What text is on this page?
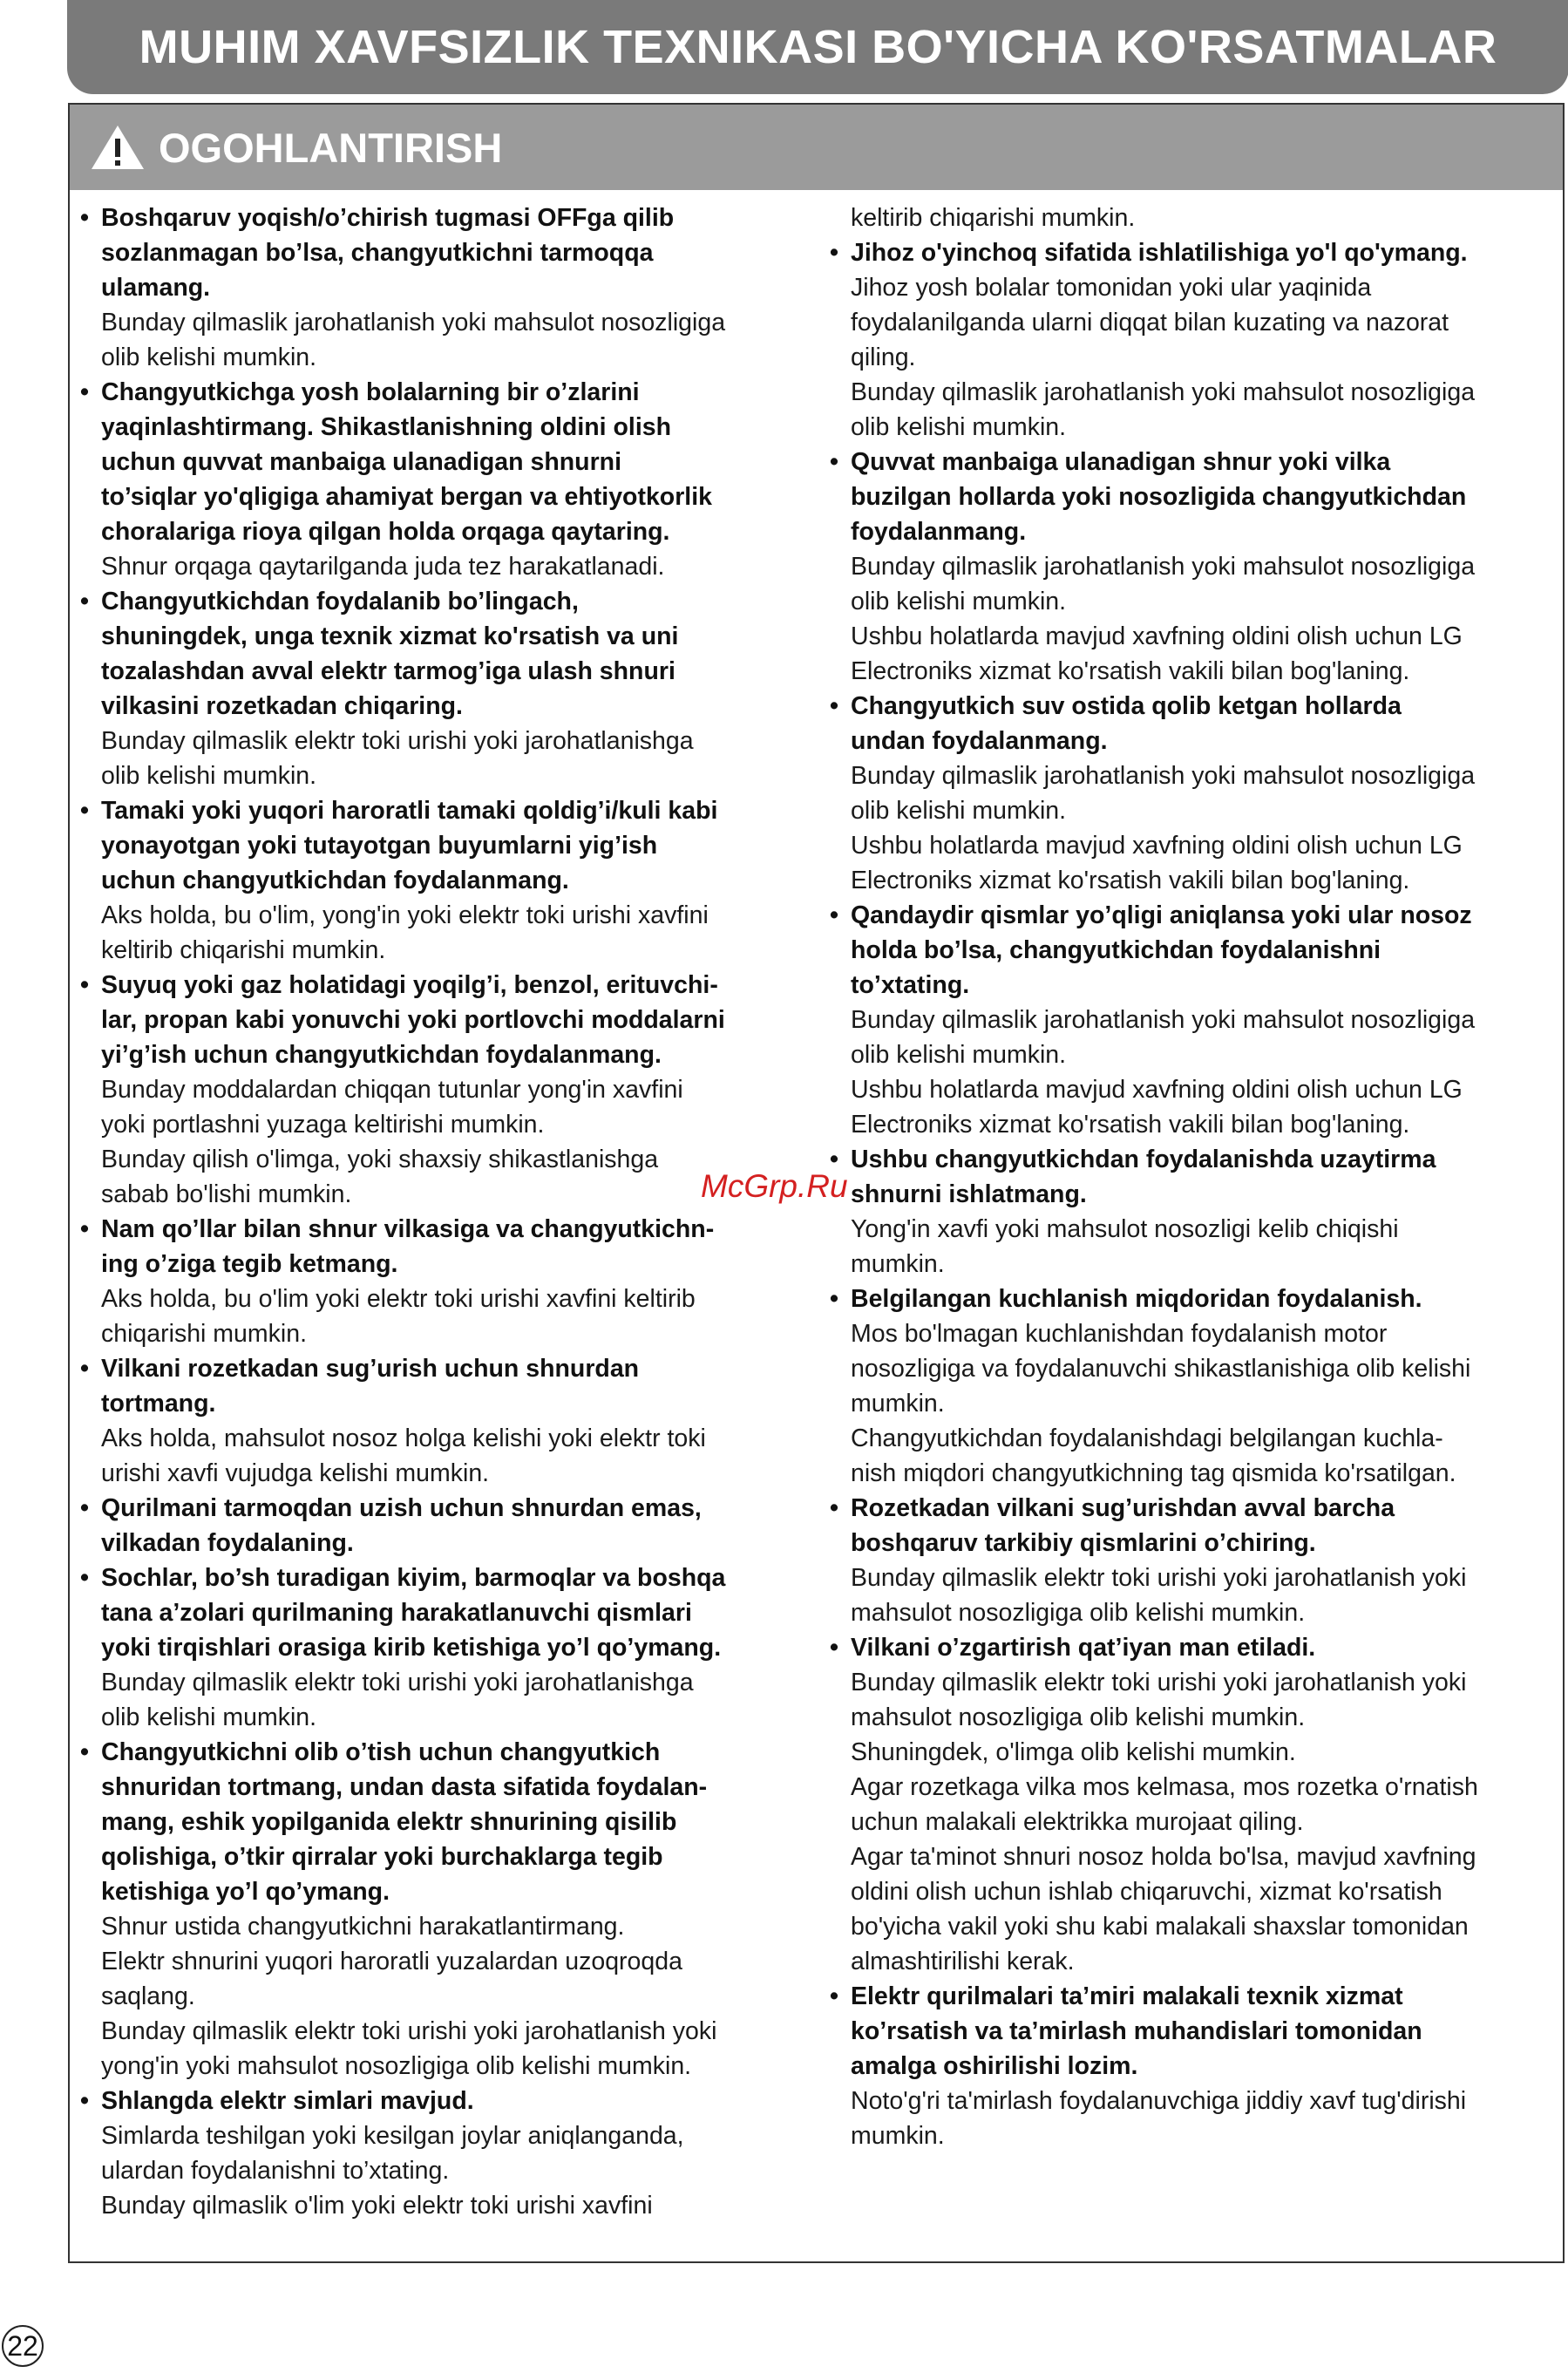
MUHIM XAVFSIZLIK TEXNIKASI BO'YICHA KO'RSATMALAR
OGOHLANTIRISH
• Boshqaruv yoqish/o’chirish tugmasi OFFga qilib
sozlanmagan bo’lsa, changyutkichni tarmoqqa
ulamang.
Bunday qilmaslik jarohatlanish yoki mahsulot nosozligiga
olib kelishi mumkin.
• Changyutkichga yosh bolalarning bir o’zlarini
yaqinlashtirmang. Shikastlanishning oldini olish
uchun quvvat manbaiga ulanadigan shnurni
to’siqlar yo'qligiga ahamiyat bergan va ehtiyotkorlik
choralariga rioya qilgan holda orqaga qaytaring.
Shnur orqaga qaytarilganda juda tez harakatlanadi.
• Changyutkichdan foydalanib bo’lingach,
shuningdek, unga texnik xizmat ko'rsatish va uni
tozalashdan avval elektr tarmog’iga ulash shnuri
vilkasini rozetkadan chiqaring.
Bunday qilmaslik elektr toki urishi yoki jarohatlanishga
olib kelishi mumkin.
• Tamaki yoki yuqori haroratli tamaki qoldig’i/kuli kabi
yonayotgan yoki tutayotgan buyumlarni yig’ish
uchun changyutkichdan foydalanmang.
Aks holda, bu o'lim, yong'in yoki elektr toki urishi xavfini
keltirib chiqarishi mumkin.
• Suyuq yoki gaz holatidagi yoqilg’i, benzol, erituvchi-
lar, propan kabi yonuvchi yoki portlovchi moddalarni
yi’g’ish uchun changyutkichdan foydalanmang.
Bunday moddalardan chiqqan tutunlar yong'in xavfini
yoki portlashni yuzaga keltirishi mumkin.
Bunday qilish o'limga, yoki shaxsiy shikastlanishga
sabab bo'lishi mumkin.
• Nam qo’llar bilan shnur vilkasiga va changyutkichn-
ing o’ziga tegib ketmang.
Aks holda, bu o'lim yoki elektr toki urishi xavfini keltirib
chiqarishi mumkin.
• Vilkani rozetkadan sug’urish uchun shnurdan
tortmang.
Aks holda, mahsulot nosoz holga kelishi yoki elektr toki
urishi xavfi vujudga kelishi mumkin.
• Qurilmani tarmoqdan uzish uchun shnurdan emas,
vilkadan foydalaning.
• Sochlar, bo’sh turadigan kiyim, barmoqlar va boshqa
tana a’zolari qurilmaning harakatlanuvchi qismlari
yoki tirqishlari orasiga kirib ketishiga yo’l qo’ymang.
Bunday qilmaslik elektr toki urishi yoki jarohatlanishga
olib kelishi mumkin.
• Changyutkichni olib o’tish uchun changyutkich
shnuridan tortmang, undan dasta sifatida foydalan-
mang, eshik yopilganida elektr shnurining qisilib
qolishiga, o’tkir qirralar yoki burchaklarga tegib
ketishiga yo’l qo’ymang.
Shnur ustida changyutkichni harakatlantirmang.
Elektr shnurini yuqori haroratli yuzalardan uzoqroqda
saqlang.
Bunday qilmaslik elektr toki urishi yoki jarohatlanish yoki
yong'in yoki mahsulot nosozligiga olib kelishi mumkin.
• Shlangda elektr simlari mavjud.
Simlarda teshilgan yoki kesilgan joylar aniqlanganda,
ulardan foydalanishni to’xtating.
Bunday qilmaslik o'lim yoki elektr toki urishi xavfini
keltirib chiqarishi mumkin.
• Jihoz o'yinchoq sifatida ishlatilishiga yo'l qo'ymang.
Jihoz yosh bolalar tomonidan yoki ular yaqinida
foydalanilganda ularni diqqat bilan kuzating va nazorat
qiling.
Bunday qilmaslik jarohatlanish yoki mahsulot nosozligiga
olib kelishi mumkin.
• Quvvat manbaiga ulanadigan shnur yoki vilka
buzilgan hollarda yoki nosozligida changyutkichdan
foydalanmang.
Bunday qilmaslik jarohatlanish yoki mahsulot nosozligiga
olib kelishi mumkin.
Ushbu holatlarda mavjud xavfning oldini olish uchun LG
Electroniks xizmat ko'rsatish vakili bilan bog'laning.
• Changyutkich suv ostida qolib ketgan hollarda
undan foydalanmang.
Bunday qilmaslik jarohatlanish yoki mahsulot nosozligiga
olib kelishi mumkin.
Ushbu holatlarda mavjud xavfning oldini olish uchun LG
Electroniks xizmat ko'rsatish vakili bilan bog'laning.
• Qandaydir qismlar yo’qligi aniqlansa yoki ular nosoz
holda bo’lsa, changyutkichdan foydalanishni
to’xtating.
Bunday qilmaslik jarohatlanish yoki mahsulot nosozligiga
olib kelishi mumkin.
Ushbu holatlarda mavjud xavfning oldini olish uchun LG
Electroniks xizmat ko'rsatish vakili bilan bog'laning.
• Ushbu changyutkichdan foydalanishda uzaytirma
shnurni ishlatmang.
Yong'in xavfi yoki mahsulot nosozligi kelib chiqishi
mumkin.
• Belgilangan kuchlanish miqdoridan foydalanish.
Mos bo'lmagan kuchlanishdan foydalanish motor
nosozligiga va foydalanuvchi shikastlanishiga olib kelishi
mumkin.
Changyutkichdan foydalanishdagi belgilangan kuchla-
nish miqdori changyutkichning tag qismida ko'rsatilgan.
• Rozetkadan vilkani sug’urishdan avval barcha
boshqaruv tarkibiy qismlarini o’chiring.
Bunday qilmaslik elektr toki urishi yoki jarohatlanish yoki
mahsulot nosozligiga olib kelishi mumkin.
• Vilkani o’zgartirish qat’iyan man etiladi.
Bunday qilmaslik elektr toki urishi yoki jarohatlanish yoki
mahsulot nosozligiga olib kelishi mumkin.
Shuningdek, o'limga olib kelishi mumkin.
Agar rozetkaga vilka mos kelmasa, mos rozetka o'rnatish
uchun malakali elektrikka murojaat qiling.
Agar ta'minot shnuri nosoz holda bo'lsa, mavjud xavfning
oldini olish uchun ishlab chiqaruvchi, xizmat ko'rsatish
bo'yicha vakil yoki shu kabi malakali shaxslar tomonidan
almashtirilishi kerak.
• Elektr qurilmalari ta’miri malakali texnik xizmat
ko’rsatish va ta’mirlash muhandislari tomonidan
amalga oshirilishi lozim.
Noto'g'ri ta'mirlash foydalanuvchiga jiddiy xavf tug'dirishi
mumkin.
McGrp.Ru
22
